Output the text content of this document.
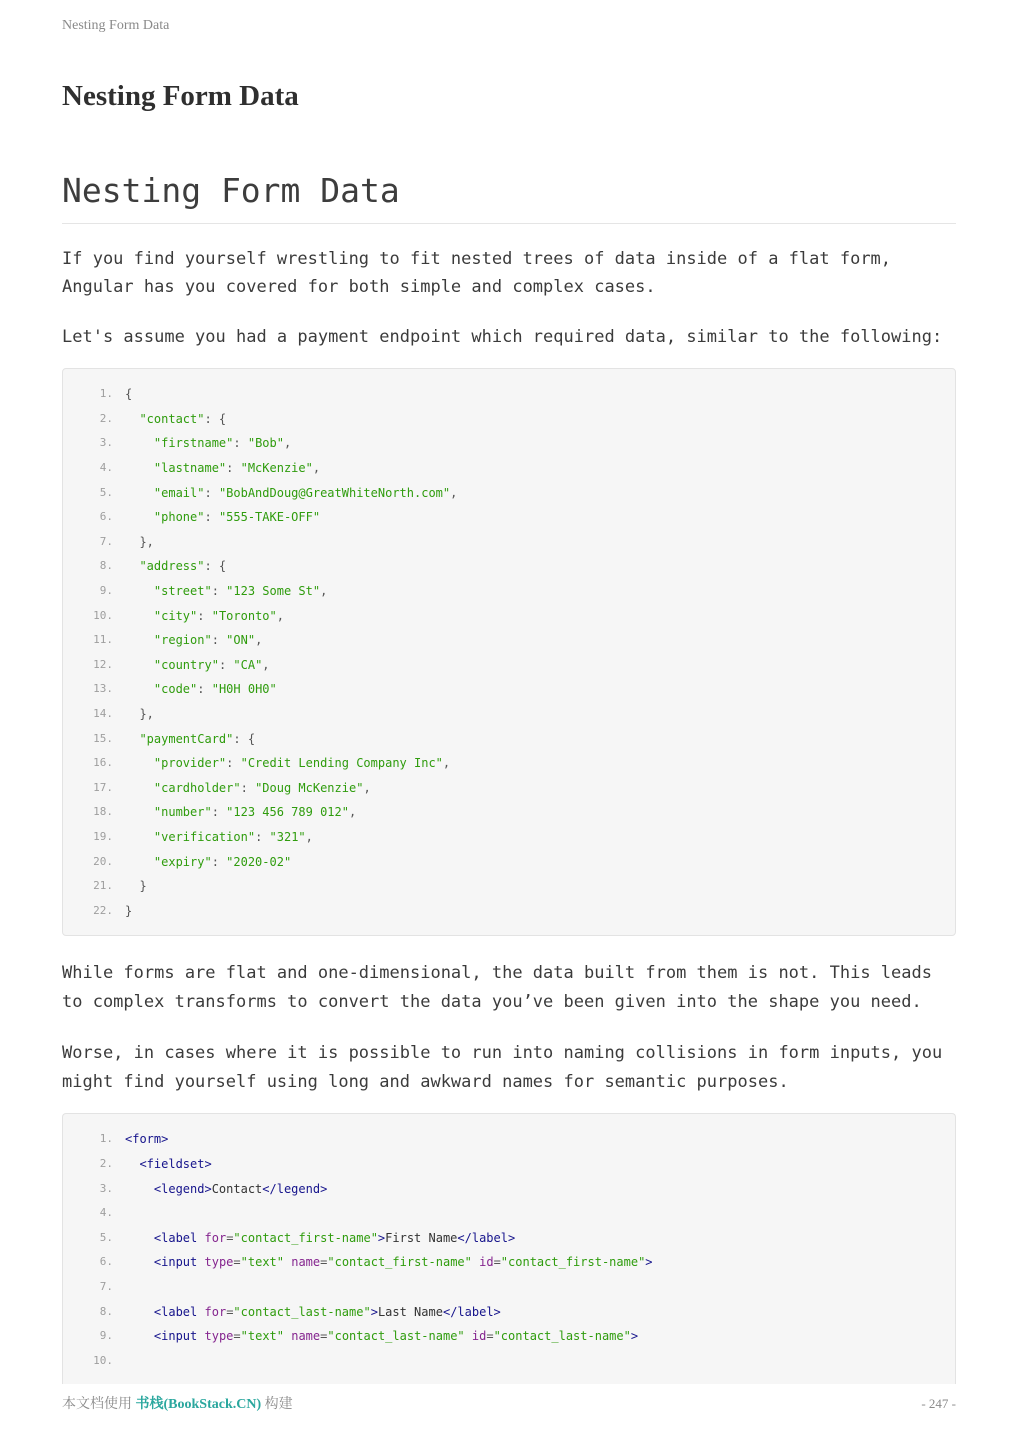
Nesting Form Data
Nesting Form Data
Nesting Form Data

If you find yourself wrestling to fit nested trees of data inside of a flat form, Angular has you covered for both simple and complex cases.

Let's assume you had a payment endpoint which required data, similar to the following:

1. {
2.	"contact": {
3.	"firstname": "Bob",
4.	"lastname": "McKenzie",
5.	"email": "BobAndDoug@GreatWhiteNorth.com",
6.	"phone": "555-TAKE-OFF"
7. },
8.	"address": {
9.	"street": "123 Some St",
10.	"city": "Toronto",
11.	"region": "ON",
12.	"country": "CA",
13.	"code": "H0H 0H0"
14. },
15.	"paymentCard": {
16.	"provider": "Credit Lending Company Inc",
17.	"cardholder": "Doug McKenzie",
18.	"number": "123 456 789 012",
19.	"verification": "321",
20.	"expiry": "2020-02"
21. }
22. }

While forms are flat and one-dimensional, the data built from them is not. This leads to complex transforms to convert the data you’ve been given into the shape you need.

Worse, in cases where it is possible to run into naming collisions in form inputs, you might find yourself using long and awkward names for semantic purposes.

1. <form>
2.	<fieldset>
3.	<legend>Contact</legend>
4.
5.	<label for="contact_first-name">First Name</label>
6.	<input type="text" name="contact_first-name" id="contact_first-name">
7.
8.	<label for="contact_last-name">Last Name</label>
9.	<input type="text" name="contact_last-name" id="contact_last-name">
10.
本文档使用 书栈(BookStack.CN) 构建	- 247 -
